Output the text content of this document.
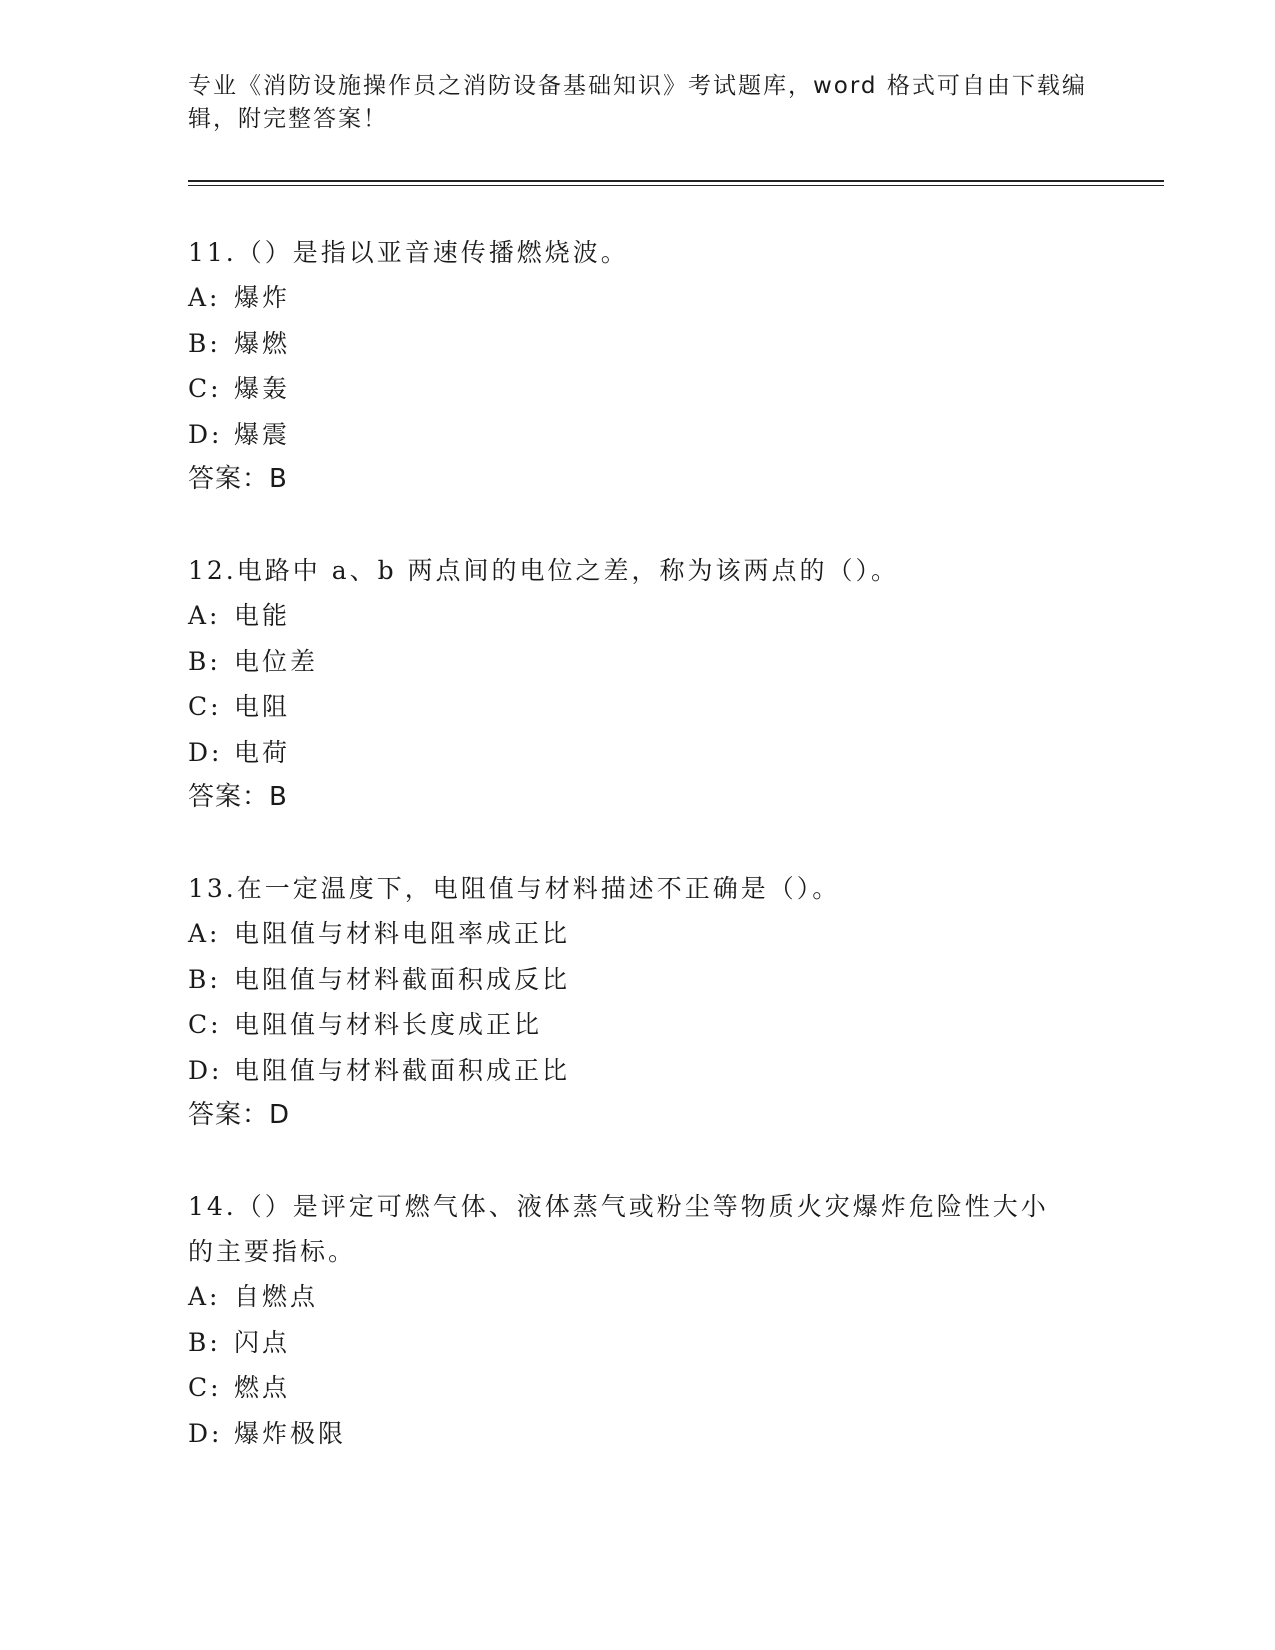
专业《消防设施操作员之消防设备基础知识》考试题库，word 格式可自由下载编
辑，附完整答案！
11.（）是指以亚音速传播燃烧波。
A: 爆炸
B: 爆燃
C: 爆轰
D: 爆震
答案：B
12.电路中 a、b 两点间的电位之差，称为该两点的（）。
A: 电能
B: 电位差
C: 电阻
D: 电荷
答案：B
13.在一定温度下，电阻值与材料描述不正确是（）。
A: 电阻值与材料电阻率成正比
B: 电阻值与材料截面积成反比
C: 电阻值与材料长度成正比
D: 电阻值与材料截面积成正比
答案：D
14.（）是评定可燃气体、液体蒸气或粉尘等物质火灾爆炸危险性大小
的主要指标。
A: 自燃点
B: 闪点
C: 燃点
D: 爆炸极限
